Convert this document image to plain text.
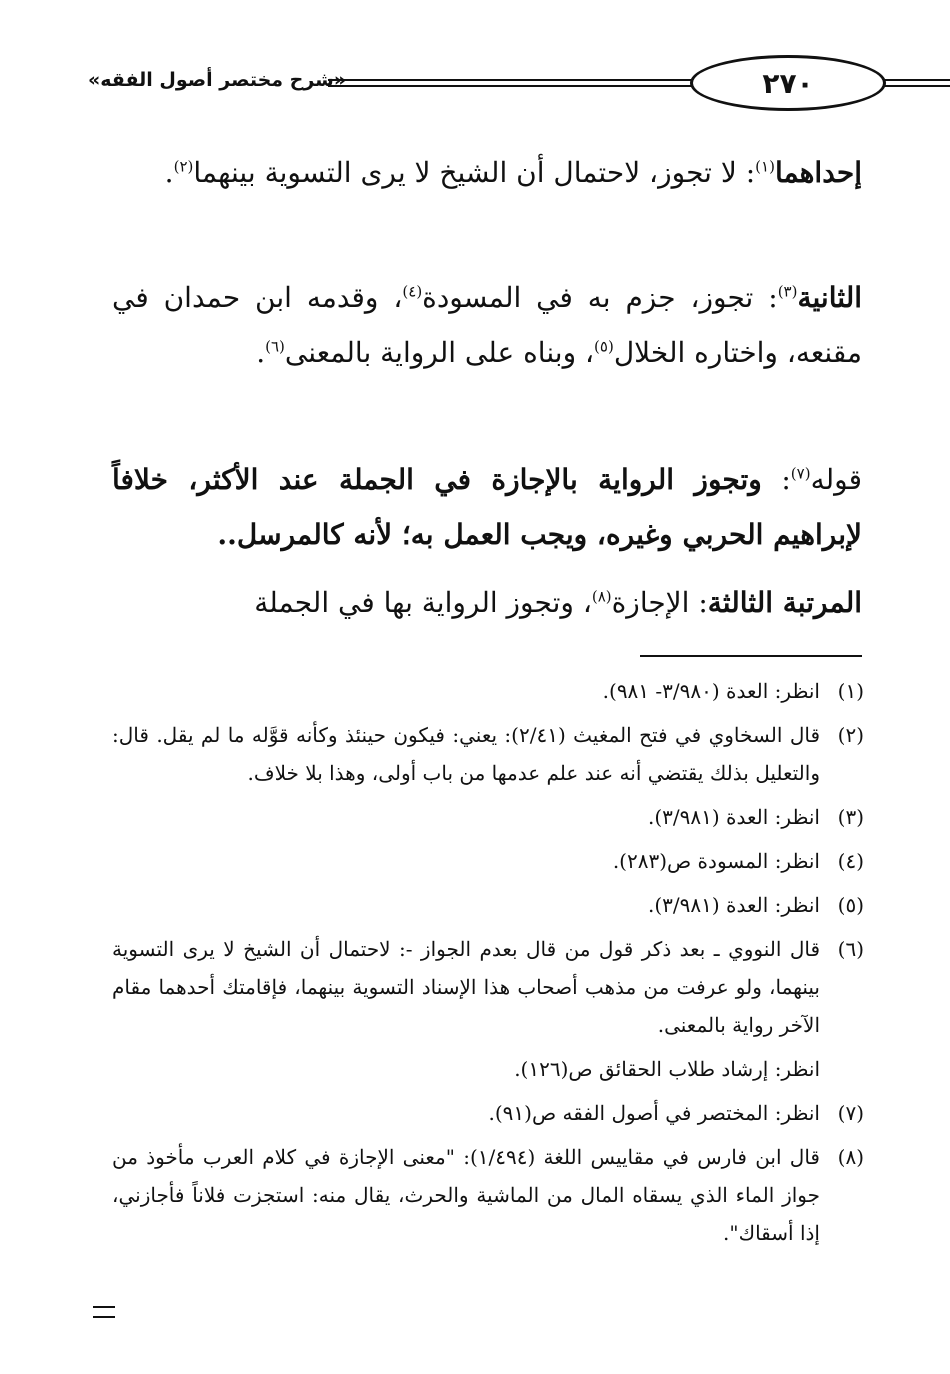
«شرح مختصر أصول الفقه»	٢٧٠

إحداهما$^{(١)}$: لا تجوز، لاحتمال أن الشيخ لا يرى التسوية بينهما$^{(٢)}$.

الثانية$^{(٣)}$: تجوز، جزم به في المسودة$^{(٤)}$، وقدمه ابن حمدان في مقنعه، واختاره الخلال$^{(٥)}$، وبناه على الرواية بالمعنى$^{(٦)}$.

قوله$^{(٧)}$: وتجوز الرواية بالإجازة في الجملة عند الأكثر، خلافاً لإبراهيم الحربي وغيره، ويجب العمل به؛ لأنه كالمرسل..

المرتبة الثالثة: الإجازة$^{(٨)}$، وتجوز الرواية بها في الجملة

(١)
انظر: العدة (٣/٩٨٠- ٩٨١).
(٢)
قال السخاوي في فتح المغيث (٢/٤١): يعني: فيكون حينئذ وكأنه قوَّله ما لم يقل. قال: والتعليل بذلك يقتضي أنه عند علم عدمها من باب أولى، وهذا بلا خلاف.
(٣)
انظر: العدة (٣/٩٨١).
(٤)
انظر: المسودة ص(٢٨٣).
(٥)
انظر: العدة (٣/٩٨١).
(٦)
قال النووي ـ بعد ذكر قول من قال بعدم الجواز -: لاحتمال أن الشيخ لا يرى التسوية بينهما، ولو عرفت من مذهب أصحاب هذا الإسناد التسوية بينهما، فإقامتك أحدهما مقام الآخر رواية بالمعنى.
انظر: إرشاد طلاب الحقائق ص(١٢٦).
(٧)
انظر: المختصر في أصول الفقه ص(٩١).
(٨)
قال ابن فارس في مقاييس اللغة (١/٤٩٤): "معنى الإجازة في كلام العرب مأخوذ من جواز الماء الذي يسقاه المال من الماشية والحرث، يقال منه: استجزت فلاناً فأجازني، إذا أسقاك".
